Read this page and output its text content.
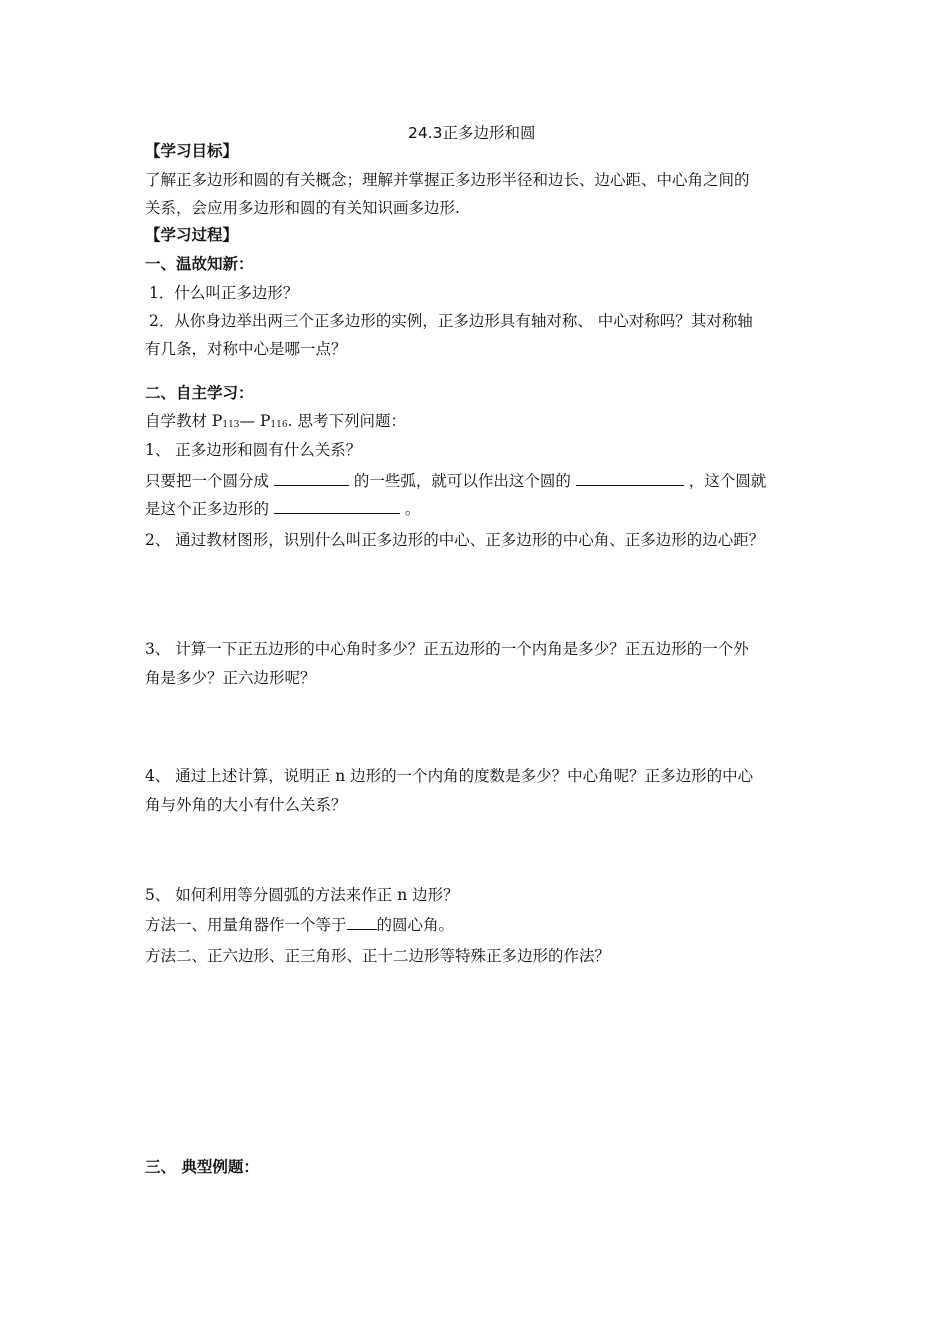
24.3正多边形和圆
【学习目标】
了解正多边形和圆的有关概念；理解并掌握正多边形半径和边长、边心距、中心角之间的
关系，会应用多边形和圆的有关知识画多边形.
【学习过程】
一、温故知新：
1．什么叫正多边形？
2．从你身边举出两三个正多边形的实例，正多边形具有轴对称、 中心对称吗？其对称轴
有几条，对称中心是哪一点？
二、自主学习：
自学教材 $P_{113}—$ $P_{116}$. 思考下列问题：
1、 正多边形和圆有什么关系？
只要把一个圆分成	的一些弧，就可以作出这个圆的	，这个圆就
是这个正多边形的	。
2、 通过教材图形，识别什么叫正多边形的中心、正多边形的中心角、正多边形的边心距？
3、 计算一下正五边形的中心角时多少？正五边形的一个内角是多少？正五边形的一个外
角是多少？正六边形呢？
4、 通过上述计算，说明正 n 边形的一个内角的度数是多少？中心角呢？正多边形的中心
角与外角的大小有什么关系？
5、 如何利用等分圆弧的方法来作正 n 边形？
方法一、用量角器作一个等于 的圆心角。
方法二、正六边形、正三角形、正十二边形等特殊正多边形的作法？
三、 典型例题：
